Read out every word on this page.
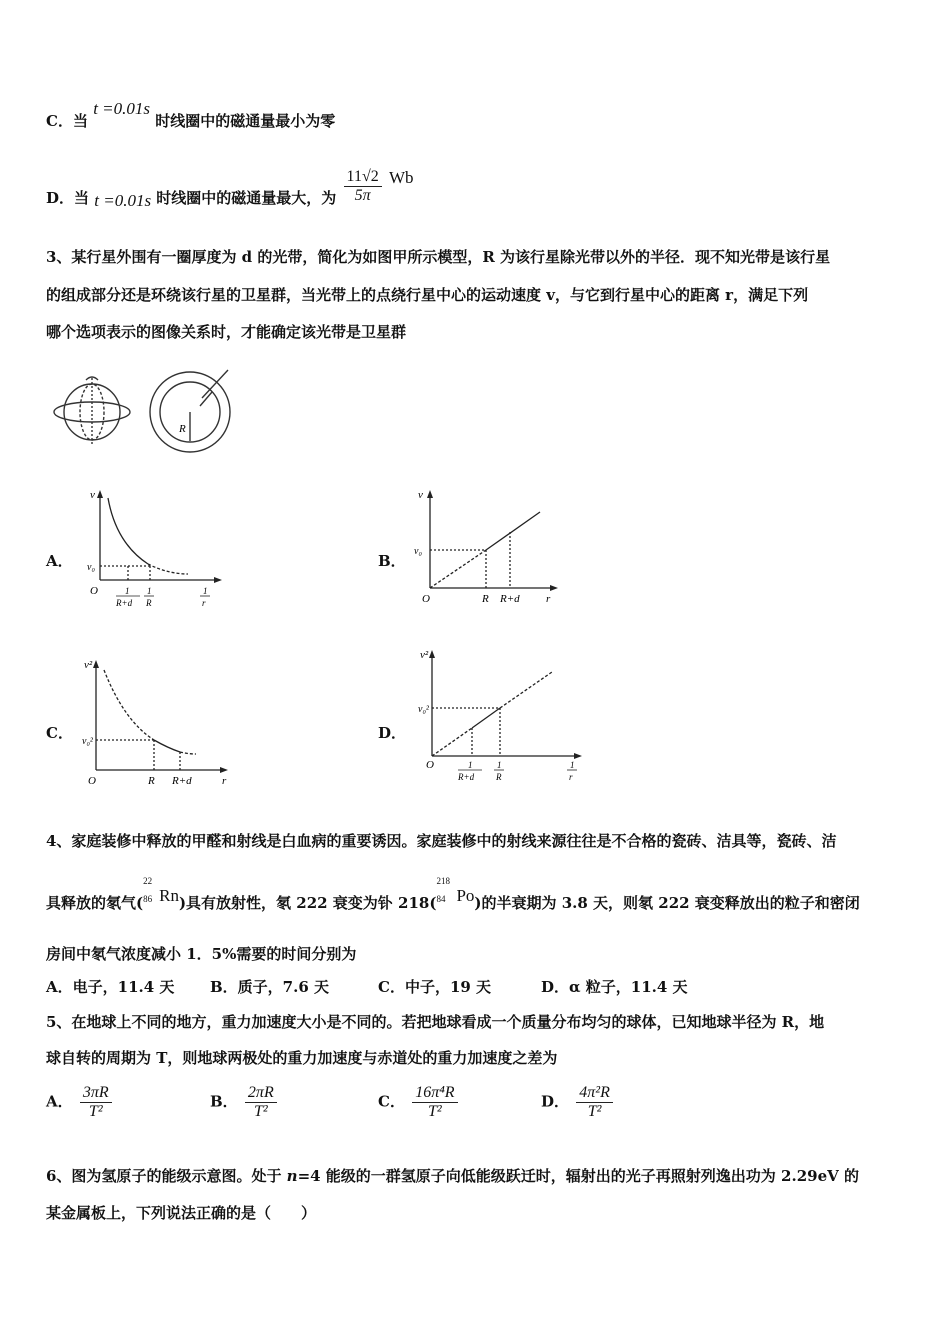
C．当 t =0.01s 时线圈中的磁通量最小为零
D．当 t =0.01s 时线圈中的磁通量最大，为 $\frac{11√2}{5\pi}$ Wb
3、某行星外围有一圈厚度为 d 的光带，简化为如图甲所示模型，R 为该行星除光带以外的半径．现不知光带是该行星
的组成部分还是环绕该行星的卫星群，当光带上的点绕行星中心的运动速度 v，与它到行星中心的距离 r，满足下列
哪个选项表示的图像关系时，才能确定该光带是卫星群
R
A．	B．
C．	D．
v
v₀
O	1
R+d
1
R
1
r
v
v₀
O	R R+d r
v²
v₀²
O	R R+d	r
v²
v₀²
O	1
R+d
1
R
1
r
4、家庭装修中释放的甲醛和射线是白血病的重要诱因。家庭装修中的射线来源往往是不合格的瓷砖、洁具等，瓷砖、洁
具释放的氡气(
22
86 Rn)具有放射性，氡 222 衰变为钋 218(
218
84 Po)的半衰期为 3.8 天，则氡 222 衰变释放出的粒子和密闭
房间中氡气浓度减小 1．5%需要的时间分别为
A．电子，11.4 天 B．质子，7.6 天	C．中子，19 天	D．α 粒子，11.4 天
5、在地球上不同的地方，重力加速度大小是不同的。若把地球看成一个质量分布均匀的球体，已知地球半径为 R，地
球自转的周期为 T，则地球两极处的重力加速度与赤道处的重力加速度之差为
A． $\frac{3\pi R}{\text{T²}}$	B． $\frac{2\pi R}{\text{T²}}$	C． $\frac{\text{16π⁴R}}{\text{T²}}$	D． $\frac{\text{4π²R}}{\text{T²}}$
6、图为氢原子的能级示意图。处于 n=4 能级的一群氢原子向低能级跃迁时，辐射出的光子再照射列逸出功为 2.29eV 的
某金属板上，下列说法正确的是（　　）
